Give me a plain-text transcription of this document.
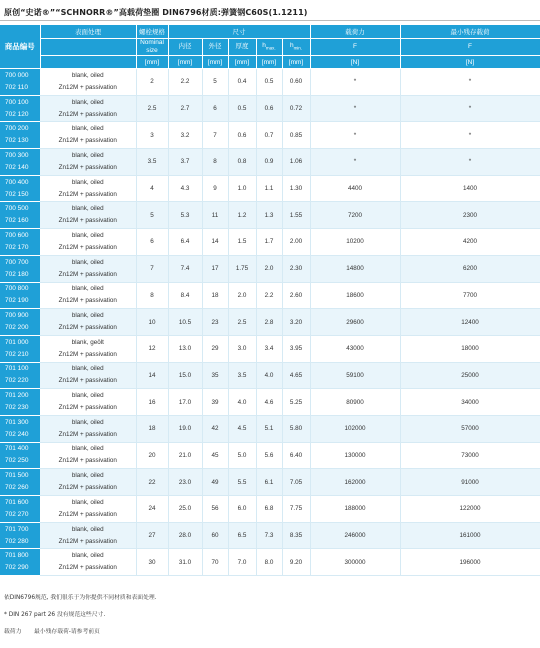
原创“史诺®”“SCHNORR®”高载荷垫圈 DIN6796材质:弹簧钢C60S(1.1211)
商品编号	表面处理	螺栓规格	尺寸					载荷力	最小残存载荷
		Nominal size	内径	外径	厚度	$h_{max.}$	$h_{min.}$	F	F
		[mm]	[mm]	[mm]	[mm]	[mm]	[mm]	[N]	[N]

700 000
702 110	blank, oiled
Zn12M + passivation	2	2.2	5	0.4	0.5	0.60	*	*

700 100
702 120	blank, oiled
Zn12M + passivation	2.5	2.7	6	0.5	0.6	0.72	*	*

700 200
702 130	blank, oiled
Zn12M + passivation	3	3.2	7	0.6	0.7	0.85	*	*

700 300
702 140	blank, oiled
Zn12M + passivation	3.5	3.7	8	0.8	0.9	1.06	*	*

700 400
702 150	blank, oiled
Zn12M + passivation	4	4.3	9	1.0	1.1	1.30	4400	1400

700 500
702 160	blank, oiled
Zn12M + passivation	5	5.3	11	1.2	1.3	1.55	7200	2300

700 600
702 170	blank, oiled
Zn12M + passivation	6	6.4	14	1.5	1.7	2.00	10200	4200

700 700
702 180	blank, oiled
Zn12M + passivation	7	7.4	17	1.75	2.0	2.30	14800	6200

700 800
702 190	blank, oiled
Zn12M + passivation	8	8.4	18	2.0	2.2	2.60	18600	7700

700 900
702 200	blank, oiled
Zn12M + passivation	10	10.5	23	2.5	2.8	3.20	29600	12400

701 000
702 210	blank, geölt
Zn12M + passivation	12	13.0	29	3.0	3.4	3.95	43000	18000

701 100
702 220	blank, oiled
Zn12M + passivation	14	15.0	35	3.5	4.0	4.65	59100	25000

701 200
702 230	blank, oiled
Zn12M + passivation	16	17.0	39	4.0	4.6	5.25	80900	34000

701 300
702 240	blank, oiled
Zn12M + passivation	18	19.0	42	4.5	5.1	5.80	102000	57000

701 400
702 250	blank, oiled
Zn12M + passivation	20	21.0	45	5.0	5.6	6.40	130000	73000

701 500
702 260	blank, oiled
Zn12M + passivation	22	23.0	49	5.5	6.1	7.05	162000	91000

701 600
702 270	blank, oiled
Zn12M + passivation	24	25.0	56	6.0	6.8	7.75	188000	122000

701 700
702 280	blank, oiled
Zn12M + passivation	27	28.0	60	6.5	7.3	8.35	246000	161000

701 800
702 290	blank, oiled
Zn12M + passivation	30	31.0	70	7.0	8.0	9.20	300000	196000
依DIN6796规范, 我们很乐于为你提供不同材质和表面处理.
* DIN 267 part 26 没有规范这些尺寸.
载荷力 最小残存载荷-请参考前页
